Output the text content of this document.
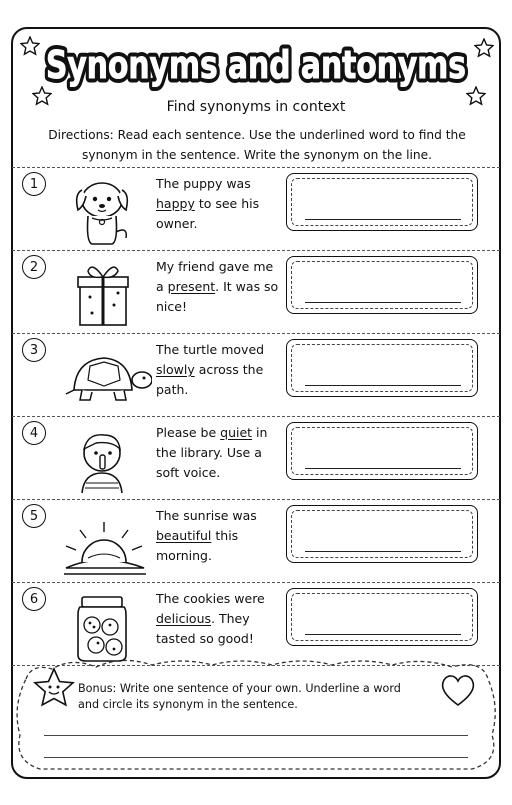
Synonyms and antonyms
Synonyms and antonyms
Find synonyms in context
Directions: Read each sentence. Use the underlined word to find the synonym in the sentence. Write the synonym on the line.
1	The puppy was happy to see his owner.
2	My friend gave me a present. It was so nice!
3	The turtle moved slowly across the path.
4	Please be quiet in the library. Use a soft voice.
5	The sunrise was beautiful this morning.
6	The cookies were delicious. They tasted so good!
Bonus: Write one sentence of your own. Underline a word and circle its synonym in the sentence.
